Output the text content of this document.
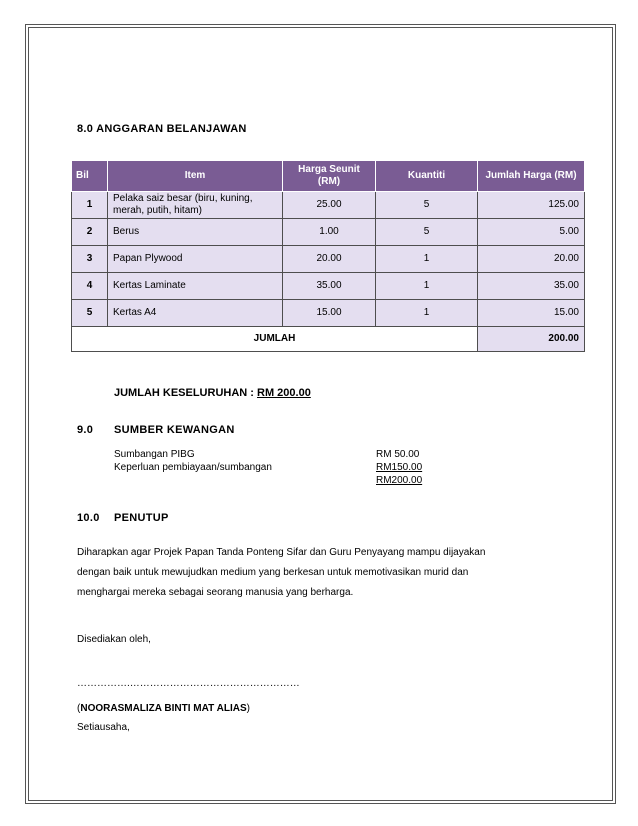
8.0 ANGGARAN BELANJAWAN
Bil	Item	Harga Seunit (RM)	Kuantiti	Jumlah Harga (RM)
1	Pelaka saiz besar (biru, kuning, merah, putih, hitam)	25.00	5	125.00
2	Berus	1.00	5	5.00
3	Papan Plywood	20.00	1	20.00
4	Kertas Laminate	35.00	1	35.00
5	Kertas A4	15.00	1	15.00
JUMLAH				200.00
JUMLAH KESELURUHAN : RM 200.00
9.0 SUMBER KEWANGAN
Sumbangan PIBG	RM 50.00
Keperluan pembiayaan/sumbangan	RM150.00
RM200.00
10.0 PENUTUP
Diharapkan agar Projek Papan Tanda Ponteng Sifar dan Guru Penyayang mampu dijayakan
dengan baik untuk mewujudkan medium yang berkesan untuk memotivasikan murid dan
menghargai mereka sebagai seorang manusia yang berharga.
Disediakan oleh,
…………….……………………………………………
(NOORASMALIZA BINTI MAT ALIAS)
Setiausaha,
